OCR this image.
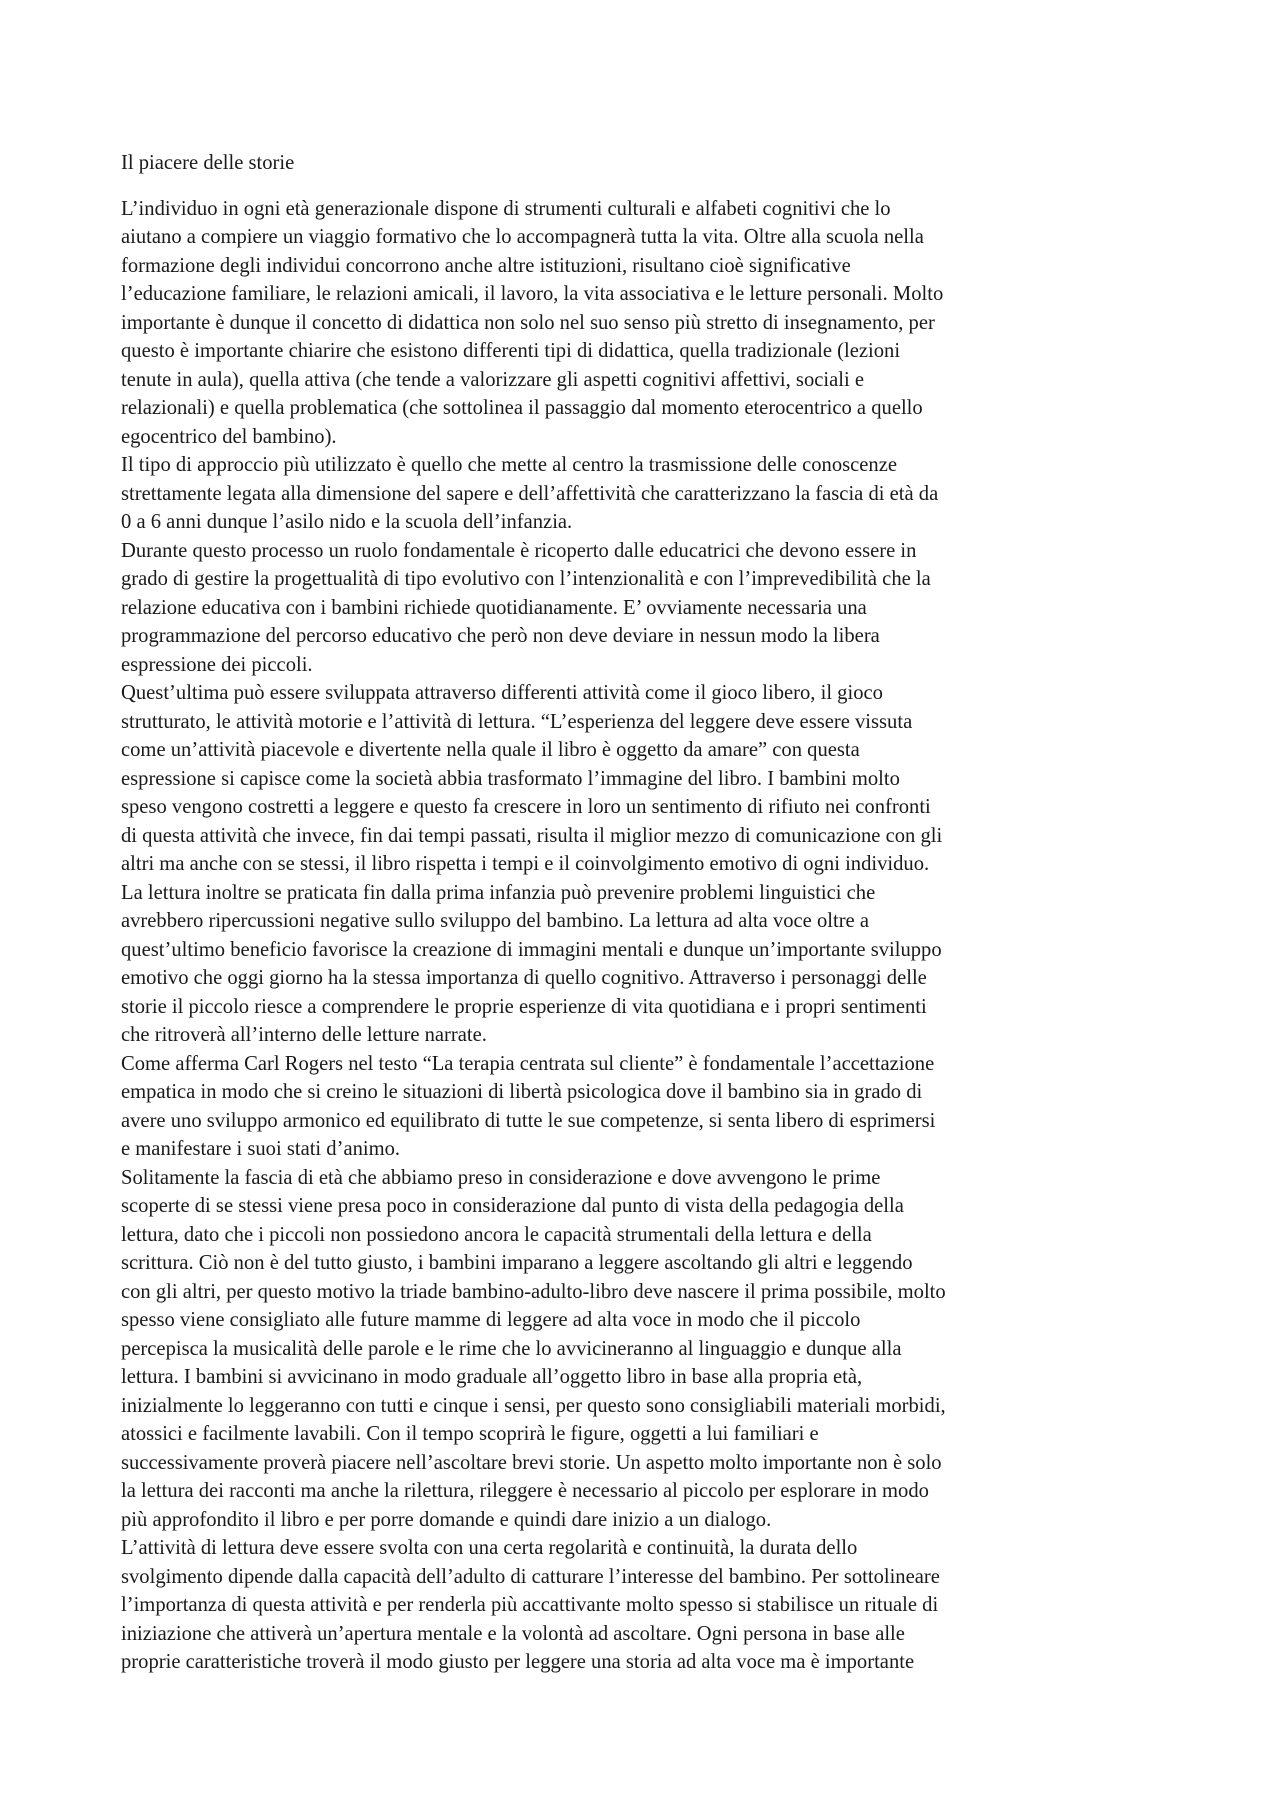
Il piacere delle storie

L’individuo in ogni età generazionale dispone di strumenti culturali e alfabeti cognitivi che lo

aiutano a compiere un viaggio formativo che lo accompagnerà tutta la vita. Oltre alla scuola nella

formazione degli individui concorrono anche altre istituzioni, risultano cioè significative

l’educazione familiare, le relazioni amicali, il lavoro, la vita associativa e le letture personali. Molto

importante è dunque il concetto di didattica non solo nel suo senso più stretto di insegnamento, per

questo è importante chiarire che esistono differenti tipi di didattica, quella tradizionale (lezioni

tenute in aula), quella attiva (che tende a valorizzare gli aspetti cognitivi affettivi, sociali e

relazionali) e quella problematica (che sottolinea il passaggio dal momento eterocentrico a quello

egocentrico del bambino).

Il tipo di approccio più utilizzato è quello che mette al centro la trasmissione delle conoscenze

strettamente legata alla dimensione del sapere e dell’affettività che caratterizzano la fascia di età da

0 a 6 anni dunque l’asilo nido e la scuola dell’infanzia.

Durante questo processo un ruolo fondamentale è ricoperto dalle educatrici che devono essere in

grado di gestire la progettualità di tipo evolutivo con l’intenzionalità e con l’imprevedibilità che la

relazione educativa con i bambini richiede quotidianamente. E’ ovviamente necessaria una

programmazione del percorso educativo che però non deve deviare in nessun modo la libera

espressione dei piccoli.

Quest’ultima può essere sviluppata attraverso differenti attività come il gioco libero, il gioco

strutturato, le attività motorie e l’attività di lettura. “L’esperienza del leggere deve essere vissuta

come un’attività piacevole e divertente nella quale il libro è oggetto da amare” con questa

espressione si capisce come la società abbia trasformato l’immagine del libro. I bambini molto

speso vengono costretti a leggere e questo fa crescere in loro un sentimento di rifiuto nei confronti

di questa attività che invece, fin dai tempi passati, risulta il miglior mezzo di comunicazione con gli

altri ma anche con se stessi, il libro rispetta i tempi e il coinvolgimento emotivo di ogni individuo.

La lettura inoltre se praticata fin dalla prima infanzia può prevenire problemi linguistici che

avrebbero ripercussioni negative sullo sviluppo del bambino. La lettura ad alta voce oltre a

quest’ultimo beneficio favorisce la creazione di immagini mentali e dunque un’importante sviluppo

emotivo che oggi giorno ha la stessa importanza di quello cognitivo. Attraverso i personaggi delle

storie il piccolo riesce a comprendere le proprie esperienze di vita quotidiana e i propri sentimenti

che ritroverà all’interno delle letture narrate.

Come afferma Carl Rogers nel testo “La terapia centrata sul cliente” è fondamentale l’accettazione

empatica in modo che si creino le situazioni di libertà psicologica dove il bambino sia in grado di

avere uno sviluppo armonico ed equilibrato di tutte le sue competenze, si senta libero di esprimersi

e manifestare i suoi stati d’animo.

Solitamente la fascia di età che abbiamo preso in considerazione e dove avvengono le prime

scoperte di se stessi viene presa poco in considerazione dal punto di vista della pedagogia della

lettura, dato che i piccoli non possiedono ancora le capacità strumentali della lettura e della

scrittura. Ciò non è del tutto giusto, i bambini imparano a leggere ascoltando gli altri e leggendo

con gli altri, per questo motivo la triade bambino-adulto-libro deve nascere il prima possibile, molto

spesso viene consigliato alle future mamme di leggere ad alta voce in modo che il piccolo

percepisca la musicalità delle parole e le rime che lo avvicineranno al linguaggio e dunque alla

lettura. I bambini si avvicinano in modo graduale all’oggetto libro in base alla propria età,

inizialmente lo leggeranno con tutti e cinque i sensi, per questo sono consigliabili materiali morbidi,

atossici e facilmente lavabili. Con il tempo scoprirà le figure, oggetti a lui familiari e

successivamente proverà piacere nell’ascoltare brevi storie. Un aspetto molto importante non è solo

la lettura dei racconti ma anche la rilettura, rileggere è necessario al piccolo per esplorare in modo

più approfondito il libro e per porre domande e quindi dare inizio a un dialogo.

L’attività di lettura deve essere svolta con una certa regolarità e continuità, la durata dello

svolgimento dipende dalla capacità dell’adulto di catturare l’interesse del bambino. Per sottolineare

l’importanza di questa attività e per renderla più accattivante molto spesso si stabilisce un rituale di

iniziazione che attiverà un’apertura mentale e la volontà ad ascoltare. Ogni persona in base alle

proprie caratteristiche troverà il modo giusto per leggere una storia ad alta voce ma è importante
